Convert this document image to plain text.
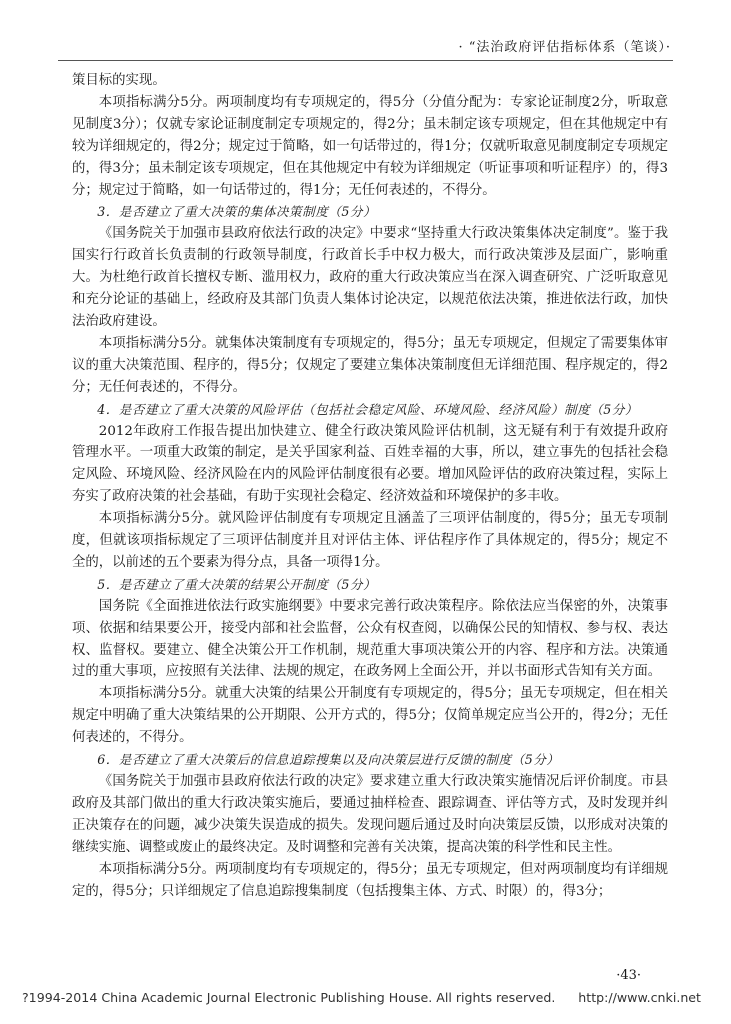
· “法治政府评估指标体系（笔谈）·

策目标的实现。

本项指标满分5分。两项制度均有专项规定的，得5分（分值分配为：专家论证制度2分，听取意见制度3分）；仅就专家论证制度制定专项规定的，得2分；虽未制定该专项规定，但在其他规定中有较为详细规定的，得2分；规定过于简略，如一句话带过的，得1分；仅就听取意见制度制定专项规定的，得3分；虽未制定该专项规定，但在其他规定中有较为详细规定（听证事项和听证程序）的，得3分；规定过于简略，如一句话带过的，得1分；无任何表述的，不得分。

3．是否建立了重大决策的集体决策制度（5分）

《国务院关于加强市县政府依法行政的决定》中要求“坚持重大行政决策集体决定制度”。鉴于我国实行行政首长负责制的行政领导制度，行政首长手中权力极大，而行政决策涉及层面广，影响重大。为杜绝行政首长擅权专断、滥用权力，政府的重大行政决策应当在深入调查研究、广泛听取意见和充分论证的基础上，经政府及其部门负责人集体讨论决定，以规范依法决策，推进依法行政，加快法治政府建设。

本项指标满分5分。就集体决策制度有专项规定的，得5分；虽无专项规定，但规定了需要集体审议的重大决策范围、程序的，得5分；仅规定了要建立集体决策制度但无详细范围、程序规定的，得2分；无任何表述的，不得分。

4．是否建立了重大决策的风险评估（包括社会稳定风险、环境风险、经济风险）制度（5分）

2012年政府工作报告提出加快建立、健全行政决策风险评估机制，这无疑有利于有效提升政府管理水平。一项重大政策的制定，是关乎国家利益、百姓幸福的大事，所以，建立事先的包括社会稳定风险、环境风险、经济风险在内的风险评估制度很有必要。增加风险评估的政府决策过程，实际上夯实了政府决策的社会基础，有助于实现社会稳定、经济效益和环境保护的多丰收。

本项指标满分5分。就风险评估制度有专项规定且涵盖了三项评估制度的，得5分；虽无专项制度，但就该项指标规定了三项评估制度并且对评估主体、评估程序作了具体规定的，得5分；规定不全的，以前述的五个要素为得分点，具备一项得1分。

5．是否建立了重大决策的结果公开制度（5分）

国务院《全面推进依法行政实施纲要》中要求完善行政决策程序。除依法应当保密的外，决策事项、依据和结果要公开，接受内部和社会监督，公众有权查阅，以确保公民的知情权、参与权、表达权、监督权。要建立、健全决策公开工作机制，规范重大事项决策公开的内容、程序和方法。决策通过的重大事项，应按照有关法律、法规的规定，在政务网上全面公开，并以书面形式告知有关方面。

本项指标满分5分。就重大决策的结果公开制度有专项规定的，得5分；虽无专项规定，但在相关规定中明确了重大决策结果的公开期限、公开方式的，得5分；仅简单规定应当公开的，得2分；无任何表述的，不得分。

6．是否建立了重大决策后的信息追踪搜集以及向决策层进行反馈的制度（5分）

《国务院关于加强市县政府依法行政的决定》要求建立重大行政决策实施情况后评价制度。市县政府及其部门做出的重大行政决策实施后，要通过抽样检查、跟踪调查、评估等方式，及时发现并纠正决策存在的问题，减少决策失误造成的损失。发现问题后通过及时向决策层反馈，以形成对决策的继续实施、调整或废止的最终决定。及时调整和完善有关决策，提高决策的科学性和民主性。

本项指标满分5分。两项制度均有专项规定的，得5分；虽无专项规定，但对两项制度均有详细规定的，得5分；只详细规定了信息追踪搜集制度（包括搜集主体、方式、时限）的，得3分；

·43·
?1994-2014 China Academic Journal Electronic Publishing House. All rights reserved. http://www.cnki.net
